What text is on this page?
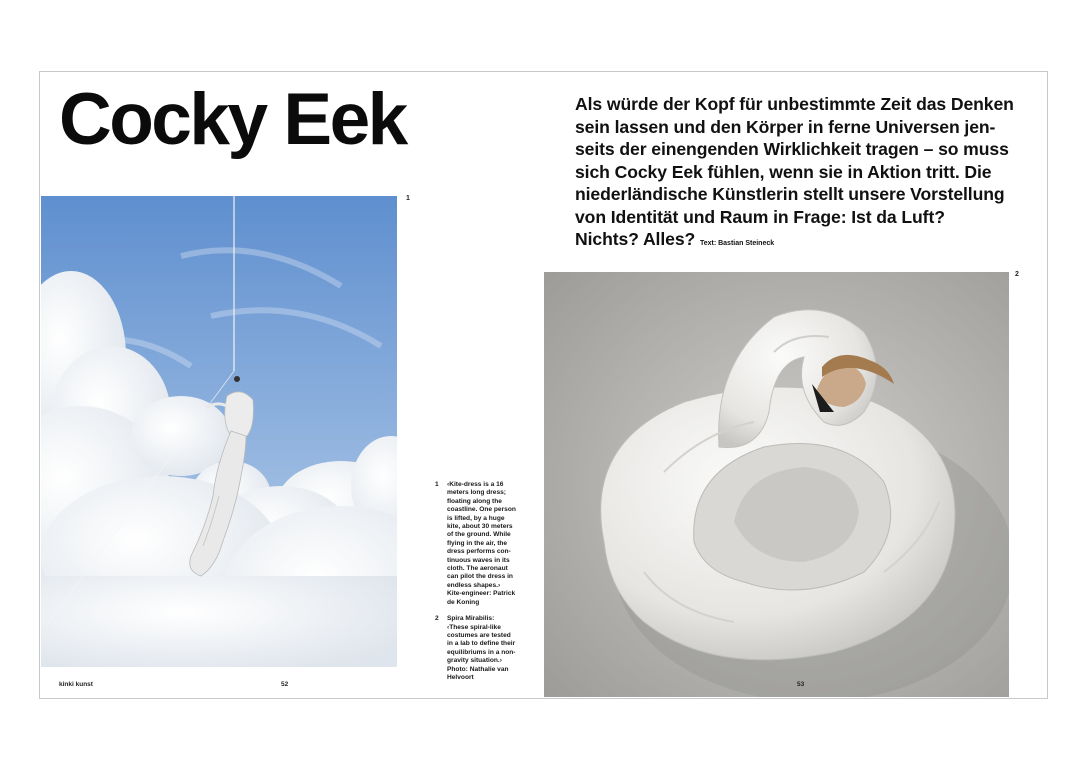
Cocky Eek	Als würde der Kopf für unbestimmte Zeit das Denken
sein lassen und den Körper in ferne Universen jen-
seits der einengenden Wirklichkeit tragen – so muss
sich Cocky Eek fühlen, wenn sie in Aktion tritt. Die
niederländische Künstlerin stellt unsere Vorstellung
von Identität und Raum in Frage: Ist da Luft?
Nichts? Alles? Text: Bastian Steineck

1
2
1 ‹Kite-dress is a 16
meters long dress;
floating along the
coastline. One person
is lifted, by a huge
kite, about 30 meters
of the ground. While
flying in the air, the
dress performs con-
tinuous waves in its
cloth. The aeronaut
can pilot the dress in
endless shapes.›
Kite-engineer: Patrick
de Koning
2 Spira Mirabilis:
‹These spiral-like
costumes are tested
in a lab to define their
equilibriums in a non-
gravity situation.›
Photo: Nathalie van
Helvoort
kinki kunst	52	53
